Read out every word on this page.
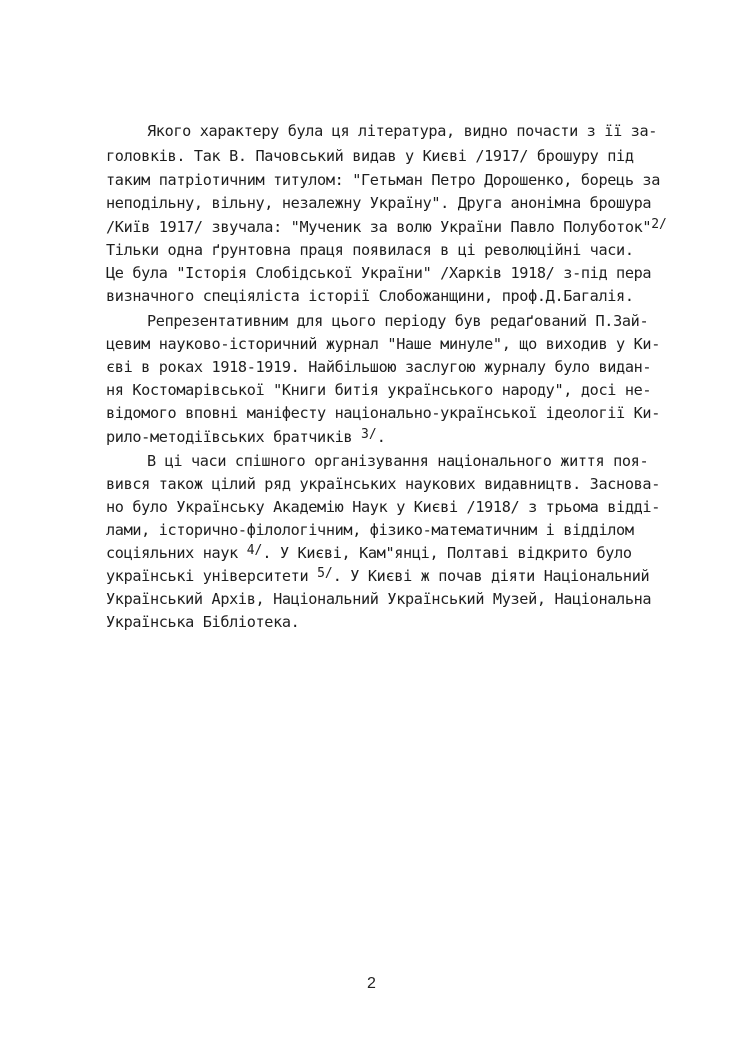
Якого характеру була ця література, видно почасти з її за-
головків. Так В. Пачовський видав у Києві /1917/ брошуру під
таким патріотичним титулом: "Гетьман Петро Дорошенко, борець за
неподільну, вільну, незалежну Україну". Друга анонімна брошура
/Київ 1917/ звучала: "Мученик за волю України Павло Полуботок"$^{2/}$
Тільки одна ґрунтовна праця появилася в ці революційні часи.
Це була "Історія Слобідської України" /Харків 1918/ з-під пера
визначного спеціяліста історії Слобожанщини, проф.Д.Багалія.
Репрезентативним для цього періоду був редаґований П.Зай-
цевим науково-історичний журнал "Наше минуле", що виходив у Ки-
єві в роках 1918-1919. Найбільшою заслугою журналу було видан-
ня Костомарівської "Книги битія українського народу", досі не-
відомого вповні маніфесту національно-української ідеології Ки-
рило-методіївських братчиків $^{3/}$.
В ці часи спішного організування національного життя поя-
вився також цілий ряд українських наукових видавництв. Заснова-
но було Українську Академію Наук у Києві /1918/ з трьома відді-
лами, історично-філологічним, фізико-математичним і відділом
соціяльних наук $^{4/}$. У Києві, Кам"янці, Полтаві відкрито було
українські університети $^{5/}$. У Києві ж почав діяти Національний
Український Архів, Національний Український Музей, Національна
Українська Бібліотека.
2
